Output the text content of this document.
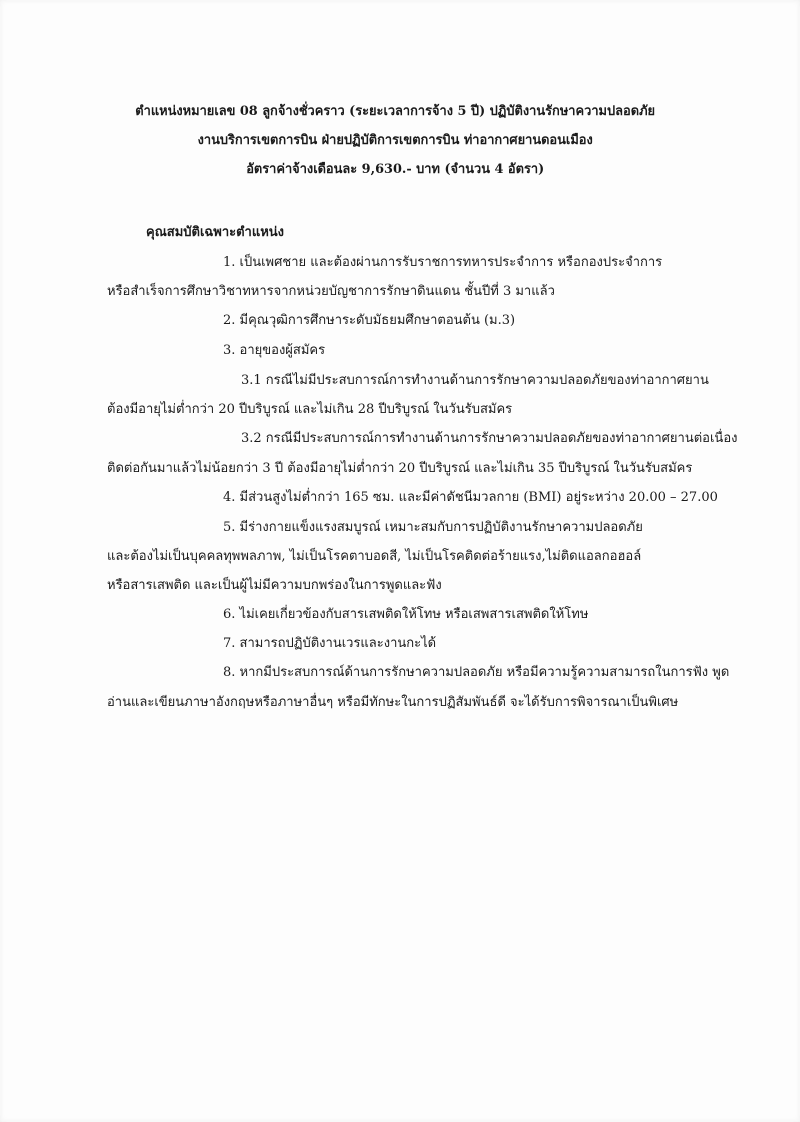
ตำแหน่งหมายเลข 08 ลูกจ้างชั่วคราว (ระยะเวลาการจ้าง 5 ปี) ปฏิบัติงานรักษาความปลอดภัย
งานบริการเขตการบิน ฝ่ายปฏิบัติการเขตการบิน ท่าอากาศยานดอนเมือง
อัตราค่าจ้างเดือนละ 9,630.- บาท (จำนวน 4 อัตรา)
คุณสมบัติเฉพาะตำแหน่ง
1. เป็นเพศชาย และต้องผ่านการรับราชการทหารประจำการ หรือกองประจำการ
หรือสำเร็จการศึกษาวิชาทหารจากหน่วยบัญชาการรักษาดินแดน ชั้นปีที่ 3 มาแล้ว
2. มีคุณวุฒิการศึกษาระดับมัธยมศึกษาตอนต้น (ม.3)
3. อายุของผู้สมัคร
3.1 กรณีไม่มีประสบการณ์การทำงานด้านการรักษาความปลอดภัยของท่าอากาศยาน
ต้องมีอายุไม่ต่ำกว่า 20 ปีบริบูรณ์ และไม่เกิน 28 ปีบริบูรณ์ ในวันรับสมัคร
3.2 กรณีมีประสบการณ์การทำงานด้านการรักษาความปลอดภัยของท่าอากาศยานต่อเนื่อง
ติดต่อกันมาแล้วไม่น้อยกว่า 3 ปี ต้องมีอายุไม่ต่ำกว่า 20 ปีบริบูรณ์ และไม่เกิน 35 ปีบริบูรณ์ ในวันรับสมัคร
4. มีส่วนสูงไม่ต่ำกว่า 165 ซม. และมีค่าดัชนีมวลกาย (BMI) อยู่ระหว่าง 20.00 – 27.00
5. มีร่างกายแข็งแรงสมบูรณ์ เหมาะสมกับการปฏิบัติงานรักษาความปลอดภัย
และต้องไม่เป็นบุคคลทุพพลภาพ, ไม่เป็นโรคตาบอดสี, ไม่เป็นโรคติดต่อร้ายแรง,ไม่ติดแอลกอฮอล์
หรือสารเสพติด และเป็นผู้ไม่มีความบกพร่องในการพูดและฟัง
6. ไม่เคยเกี่ยวข้องกับสารเสพติดให้โทษ หรือเสพสารเสพติดให้โทษ
7. สามารถปฏิบัติงานเวรและงานกะได้
8. หากมีประสบการณ์ด้านการรักษาความปลอดภัย หรือมีความรู้ความสามารถในการฟัง พูด
อ่านและเขียนภาษาอังกฤษหรือภาษาอื่นๆ หรือมีทักษะในการปฏิสัมพันธ์ดี จะได้รับการพิจารณาเป็นพิเศษ
